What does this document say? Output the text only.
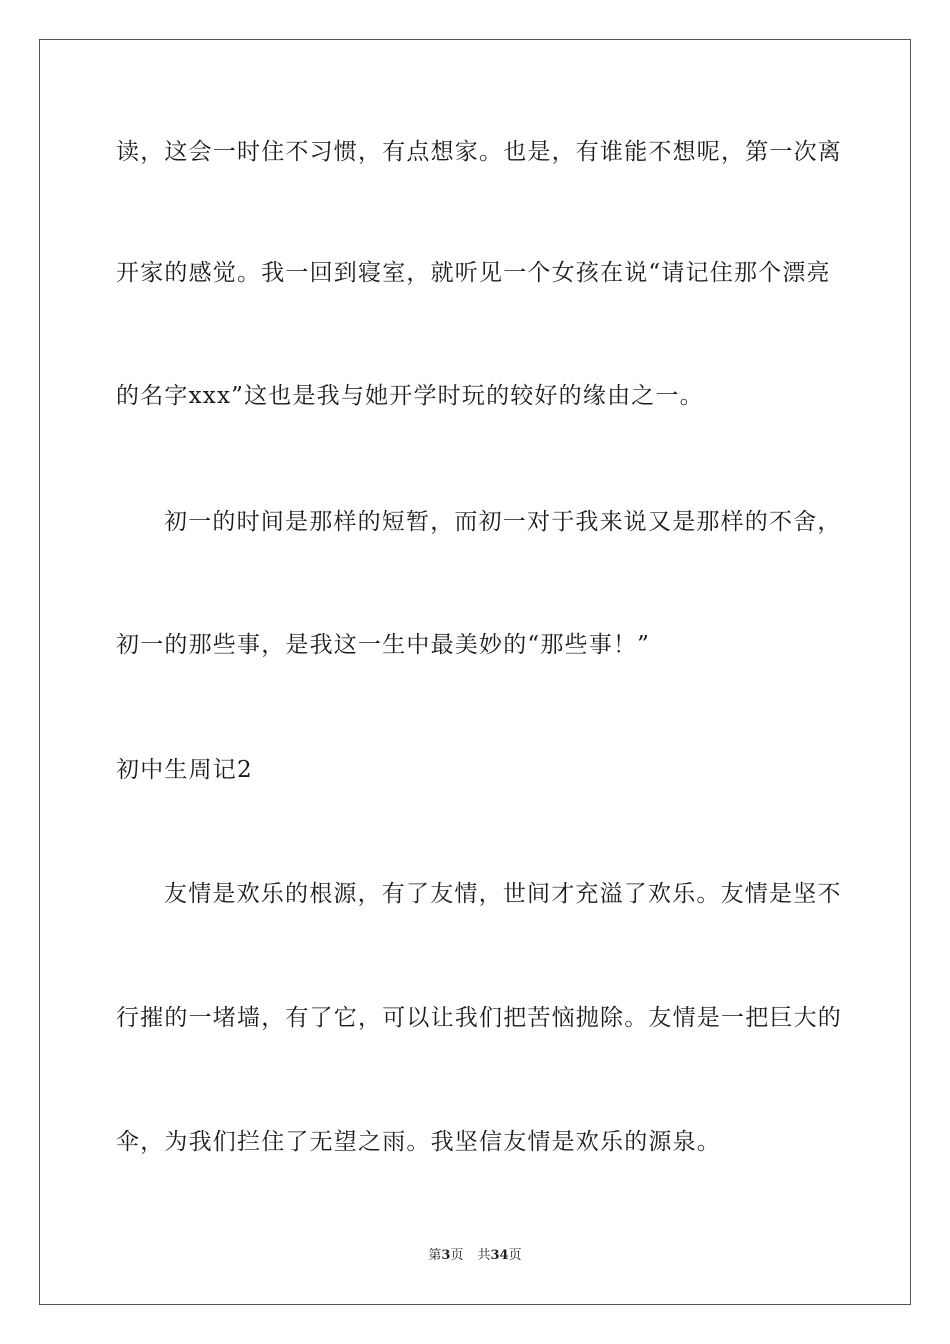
读，这会一时住不习惯，有点想家。也是，有谁能不想呢，第一次离
开家的感觉。我一回到寝室，就听见一个女孩在说“请记住那个漂亮
的名字xxx”这也是我与她开学时玩的较好的缘由之一。
初一的时间是那样的短暂，而初一对于我来说又是那样的不舍，
初一的那些事，是我这一生中最美妙的“那些事！”
初中生周记2
友情是欢乐的根源，有了友情，世间才充溢了欢乐。友情是坚不
行摧的一堵墙，有了它，可以让我们把苦恼抛除。友情是一把巨大的
伞，为我们拦住了无望之雨。我坚信友情是欢乐的源泉。
第3页 共34页
